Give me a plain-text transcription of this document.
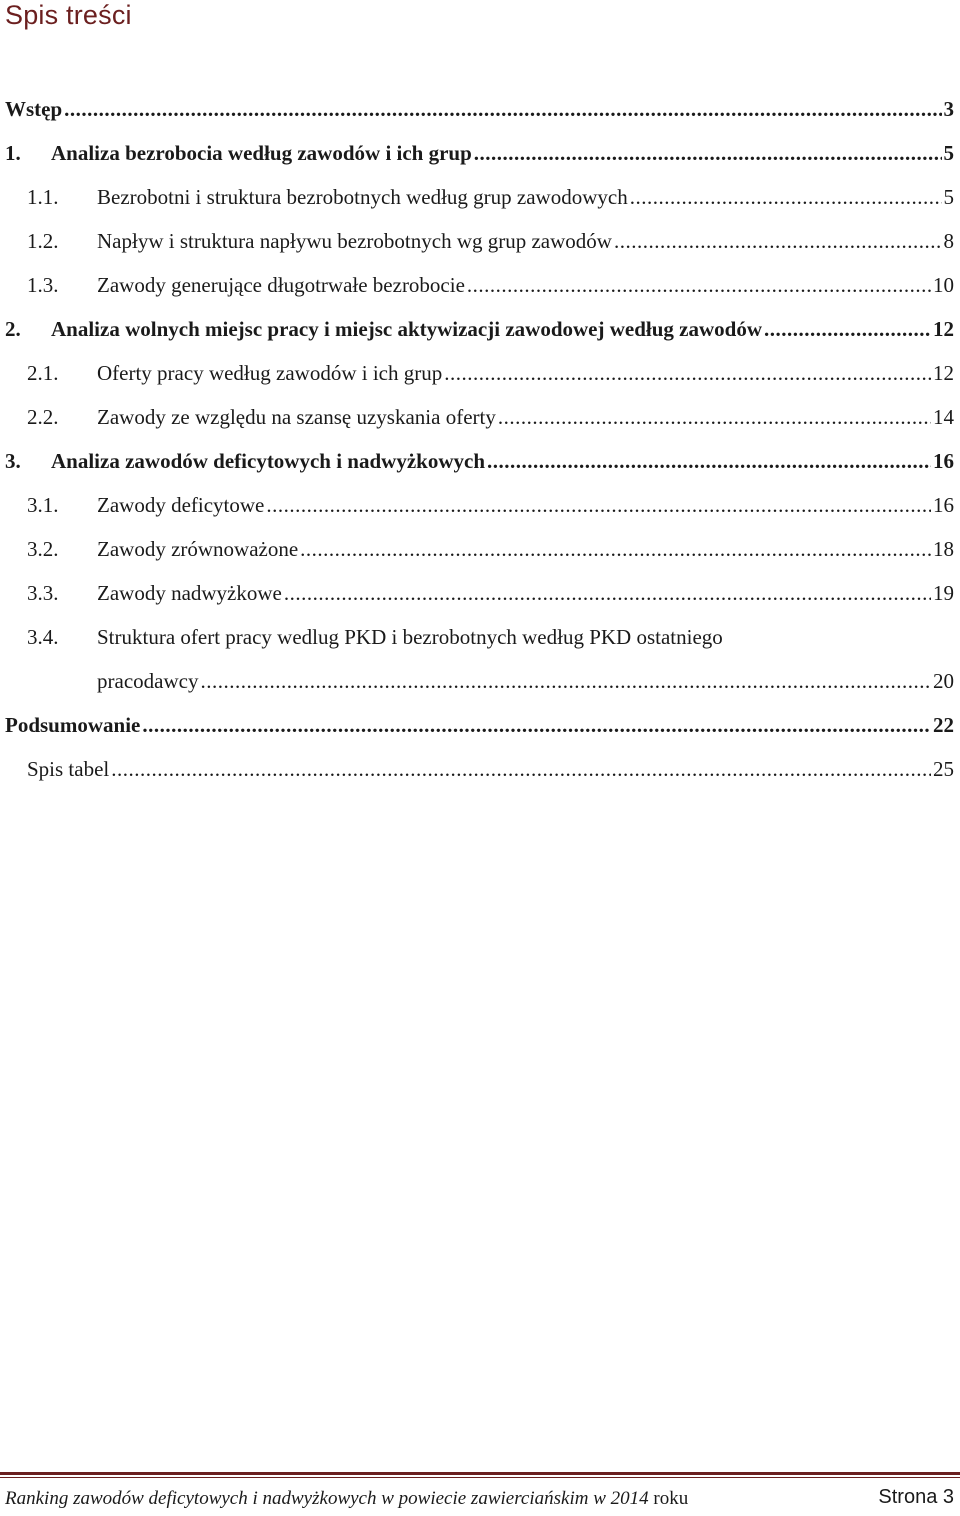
Spis treści
Wstęp .....	3
1. Analiza bezrobocia według zawodów i ich grup .....	5
1.1. Bezrobotni i struktura bezrobotnych według grup zawodowych .....	5
1.2. Napływ i struktura napływu bezrobotnych wg grup zawodów .....	8
1.3. Zawody generujące długotrwałe bezrobocie .....	10
2. Analiza wolnych miejsc pracy i miejsc aktywizacji zawodowej według zawodów .....	12
2.1. Oferty pracy według zawodów i ich grup .....	12
2.2. Zawody ze względu na szansę uzyskania oferty .....	14
3. Analiza zawodów deficytowych i nadwyżkowych .....	16
3.1. Zawody deficytowe .....	16
3.2. Zawody zrównoważone .....	18
3.3. Zawody nadwyżkowe .....	19
3.4. Struktura ofert pracy wedlug PKD i bezrobotnych według PKD ostatniego
pracodawcy .....	20
Podsumowanie .....	22
Spis tabel .....	25
Ranking zawodów deficytowych i nadwyżkowych w powiecie zawierciańskim w 2014 roku	Strona 3
